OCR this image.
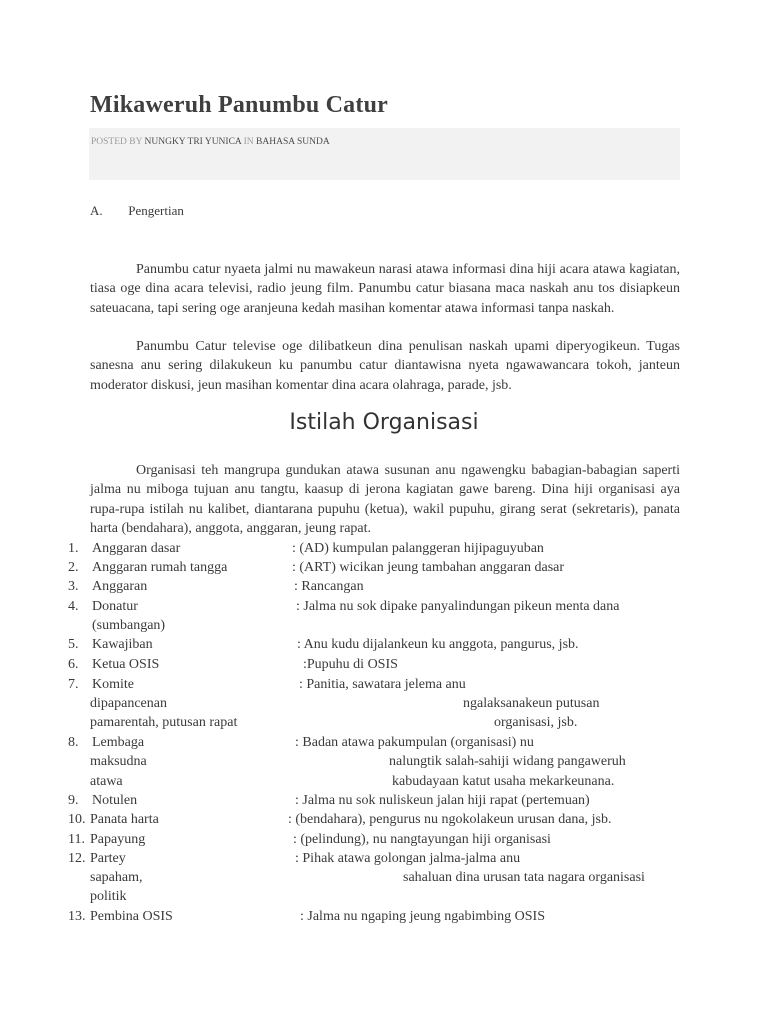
Mikaweruh Panumbu Catur
POSTED BY NUNGKY TRI YUNICA IN BAHASA SUNDA
A. Pengertian

Panumbu catur nyaeta jalmi nu mawakeun narasi atawa informasi dina hiji acara atawa kagiatan, tiasa oge dina acara televisi, radio jeung film. Panumbu catur biasana maca naskah anu tos disiapkeun sateuacana, tapi sering oge aranjeuna kedah masihan komentar atawa informasi tanpa naskah.

Panumbu Catur televise oge dilibatkeun dina penulisan naskah upami diperyogikeun. Tugas sanesna anu sering dilakukeun ku panumbu catur diantawisna nyeta ngawawancara tokoh, janteun moderator diskusi, jeun masihan komentar dina acara olahraga, parade, jsb.

Istilah Organisasi

Organisasi teh mangrupa gundukan atawa susunan anu ngawengku babagian-babagian saperti jalma nu miboga tujuan anu tangtu, kaasup di jerona kagiatan gawe bareng. Dina hiji organisasi aya rupa-rupa istilah nu kalibet, diantarana pupuhu (ketua), wakil pupuhu, girang serat (sekretaris), panata harta (bendahara), anggota, anggaran, jeung rapat.

1. Anggaran dasar	: (AD) kumpulan palanggeran hijipaguyuban
2. Anggaran rumah tangga	: (ART) wicikan jeung tambahan anggaran dasar
3. Anggaran	: Rancangan
4. Donatur	: Jalma nu sok dipake panyalindungan pikeun menta dana
(sumbangan)
5. Kawajiban	: Anu kudu dijalankeun ku anggota, pangurus, jsb.
6. Ketua OSIS	:Pupuhu di OSIS
7. Komite	: Panitia, sawatara jelema anu
dipapancenan	ngalaksanakeun putusan
pamarentah, putusan rapat	organisasi, jsb.
8. Lembaga	: Badan atawa pakumpulan (organisasi) nu
maksudna	nalungtik salah-sahiji widang pangaweruh
atawa	kabudayaan katut usaha mekarkeunana.
9. Notulen	: Jalma nu sok nuliskeun jalan hiji rapat (pertemuan)
10. Panata harta	: (bendahara), pengurus nu ngokolakeun urusan dana, jsb.
11. Papayung	: (pelindung), nu nangtayungan hiji organisasi
12. Partey	: Pihak atawa golongan jalma-jalma anu
sapaham,	sahaluan dina urusan tata nagara organisasi
politik
13. Pembina OSIS	: Jalma nu ngaping jeung ngabimbing OSIS
